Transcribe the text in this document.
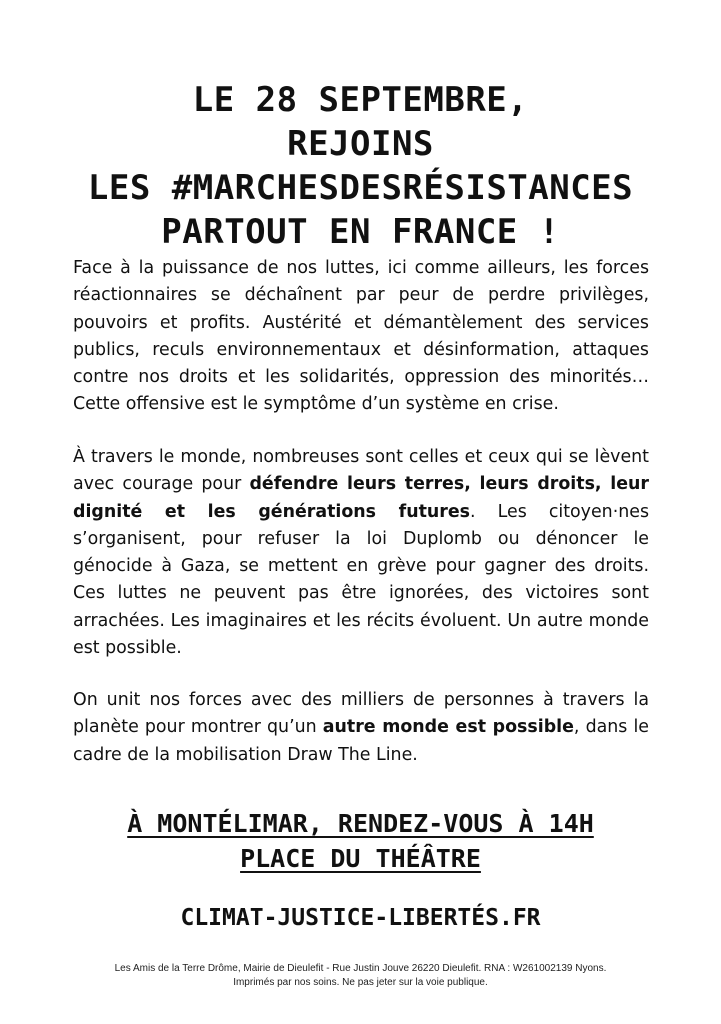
LE 28 SEPTEMBRE,
REJOINS
LES #MARCHESDESRÉSISTANCES
PARTOUT EN FRANCE !

Face à la puissance de nos luttes, ici comme ailleurs, les forces réactionnaires se déchaînent par peur de perdre privilèges, pouvoirs et profits. Austérité et démantèlement des services publics, reculs environnementaux et désinformation, attaques contre nos droits et les solidarités, oppression des minorités… Cette offensive est le symptôme d’un système en crise.

À travers le monde, nombreuses sont celles et ceux qui se lèvent avec courage pour défendre leurs terres, leurs droits, leur dignité et les générations futures. Les citoyen·nes s’organisent, pour refuser la loi Duplomb ou dénoncer le génocide à Gaza, se mettent en grève pour gagner des droits. Ces luttes ne peuvent pas être ignorées, des victoires sont arrachées. Les imaginaires et les récits évoluent. Un autre monde est possible.

On unit nos forces avec des milliers de personnes à travers la planète pour montrer qu’un autre monde est possible, dans le cadre de la mobilisation Draw The Line.

À MONTÉLIMAR, RENDEZ-VOUS À 14H
PLACE DU THÉÂTRE
CLIMAT-JUSTICE-LIBERTÉS.FR
Les Amis de la Terre Drôme, Mairie de Dieulefit - Rue Justin Jouve 26220 Dieulefit. RNA : W261002139 Nyons.
Imprimés par nos soins. Ne pas jeter sur la voie publique.
